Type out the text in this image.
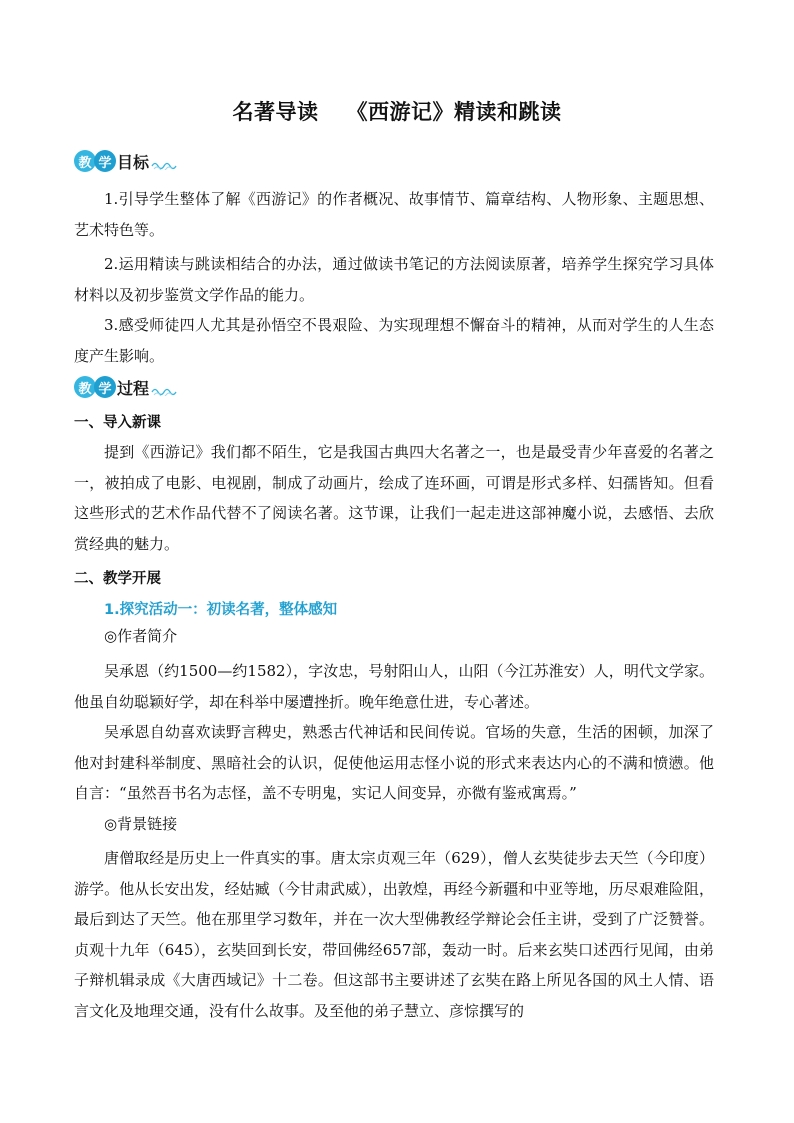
名著导读 《西游记》精读和跳读
教 学 目标
1.引导学生整体了解《西游记》的作者概况、故事情节、篇章结构、人物形象、主题思想、艺术特色等。
2.运用精读与跳读相结合的办法，通过做读书笔记的方法阅读原著，培养学生探究学习具体材料以及初步鉴赏文学作品的能力。
3.感受师徒四人尤其是孙悟空不畏艰险、为实现理想不懈奋斗的精神，从而对学生的人生态度产生影响。
教 学 过程
一、导入新课
提到《西游记》我们都不陌生，它是我国古典四大名著之一，也是最受青少年喜爱的名著之一，被拍成了电影、电视剧，制成了动画片，绘成了连环画，可谓是形式多样、妇孺皆知。但看这些形式的艺术作品代替不了阅读名著。这节课，让我们一起走进这部神魔小说，去感悟、去欣赏经典的魅力。
二、教学开展
1.探究活动一：初读名著，整体感知
◎作者简介
吴承恩（约1500—约1582），字汝忠，号射阳山人，山阳（今江苏淮安）人，明代文学家。他虽自幼聪颖好学，却在科举中屡遭挫折。晚年绝意仕进，专心著述。
吴承恩自幼喜欢读野言稗史，熟悉古代神话和民间传说。官场的失意，生活的困顿，加深了他对封建科举制度、黑暗社会的认识，促使他运用志怪小说的形式来表达内心的不满和愤懑。他自言：“虽然吾书名为志怪，盖不专明鬼，实记人间变异，亦微有鉴戒寓焉。”
◎背景链接
唐僧取经是历史上一件真实的事。唐太宗贞观三年（629），僧人玄奘徒步去天竺（今印度）游学。他从长安出发，经姑臧（今甘肃武威），出敦煌，再经今新疆和中亚等地，历尽艰难险阻，最后到达了天竺。他在那里学习数年，并在一次大型佛教经学辩论会任主讲，受到了广泛赞誉。贞观十九年（645），玄奘回到长安，带回佛经657部，轰动一时。后来玄奘口述西行见闻，由弟子辩机辑录成《大唐西域记》十二卷。但这部书主要讲述了玄奘在路上所见各国的风土人情、语言文化及地理交通，没有什么故事。及至他的弟子慧立、彦悰撰写的
